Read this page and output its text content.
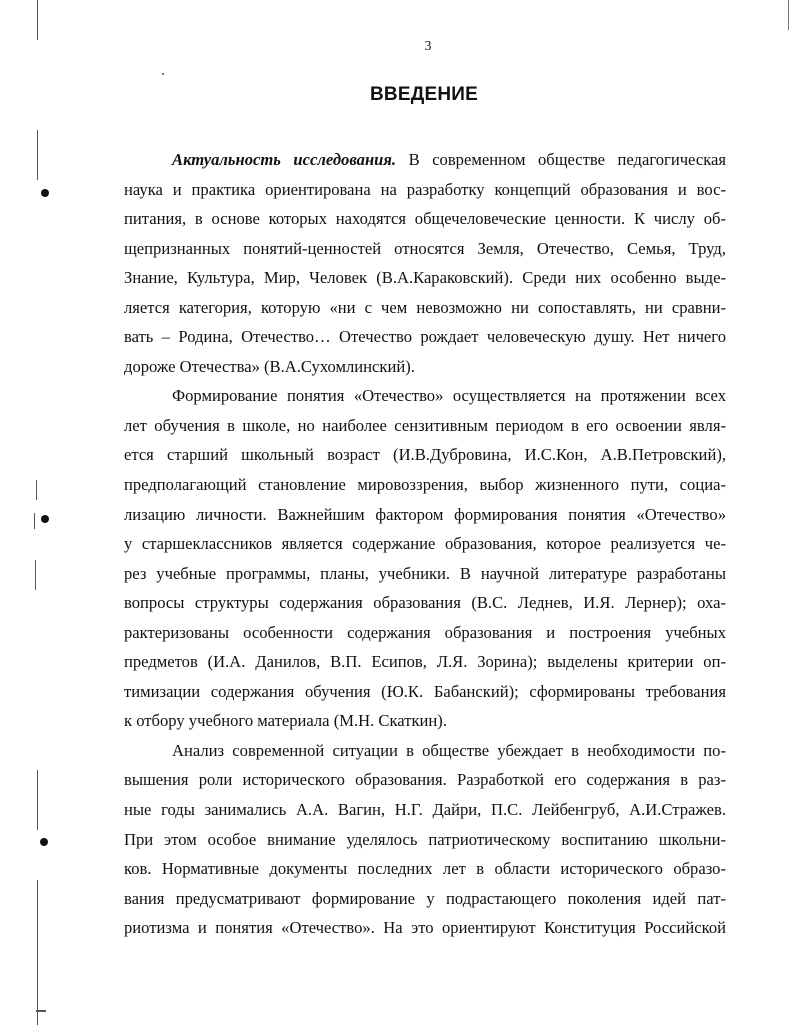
3
ВВЕДЕНИЕ
Актуальность исследования. В современном обществе педагогическая
наука и практика ориентирована на разработку концепций образования и вос-
питания, в основе которых находятся общечеловеческие ценности. К числу об-
щепризнанных понятий-ценностей относятся Земля, Отечество, Семья, Труд,
Знание, Культура, Мир, Человек (В.А.Караковский). Среди них особенно выде-
ляется категория, которую «ни с чем невозможно ни сопоставлять, ни сравни-
вать – Родина, Отечество… Отечество рождает человеческую душу. Нет ничего
дороже Отечества» (В.А.Сухомлинский).
Формирование понятия «Отечество» осуществляется на протяжении всех
лет обучения в школе, но наиболее сензитивным периодом в его освоении явля-
ется старший школьный возраст (И.В.Дубровина, И.С.Кон, А.В.Петровский),
предполагающий становление мировоззрения, выбор жизненного пути, социа-
лизацию личности. Важнейшим фактором формирования понятия «Отечество»
у старшеклассников является содержание образования, которое реализуется че-
рез учебные программы, планы, учебники. В научной литературе разработаны
вопросы структуры содержания образования (В.С. Леднев, И.Я. Лернер); оха-
рактеризованы особенности содержания образования и построения учебных
предметов (И.А. Данилов, В.П. Есипов, Л.Я. Зорина); выделены критерии оп-
тимизации содержания обучения (Ю.К. Бабанский); сформированы требования
к отбору учебного материала (М.Н. Скаткин).
Анализ современной ситуации в обществе убеждает в необходимости по-
вышения роли исторического образования. Разработкой его содержания в раз-
ные годы занимались А.А. Вагин, Н.Г. Дайри, П.С. Лейбенгруб, А.И.Стражев.
При этом особое внимание уделялось патриотическому воспитанию школьни-
ков. Нормативные документы последних лет в области исторического образо-
вания предусматривают формирование у подрастающего поколения идей пат-
риотизма и понятия «Отечество». На это ориентируют Конституция Российской
